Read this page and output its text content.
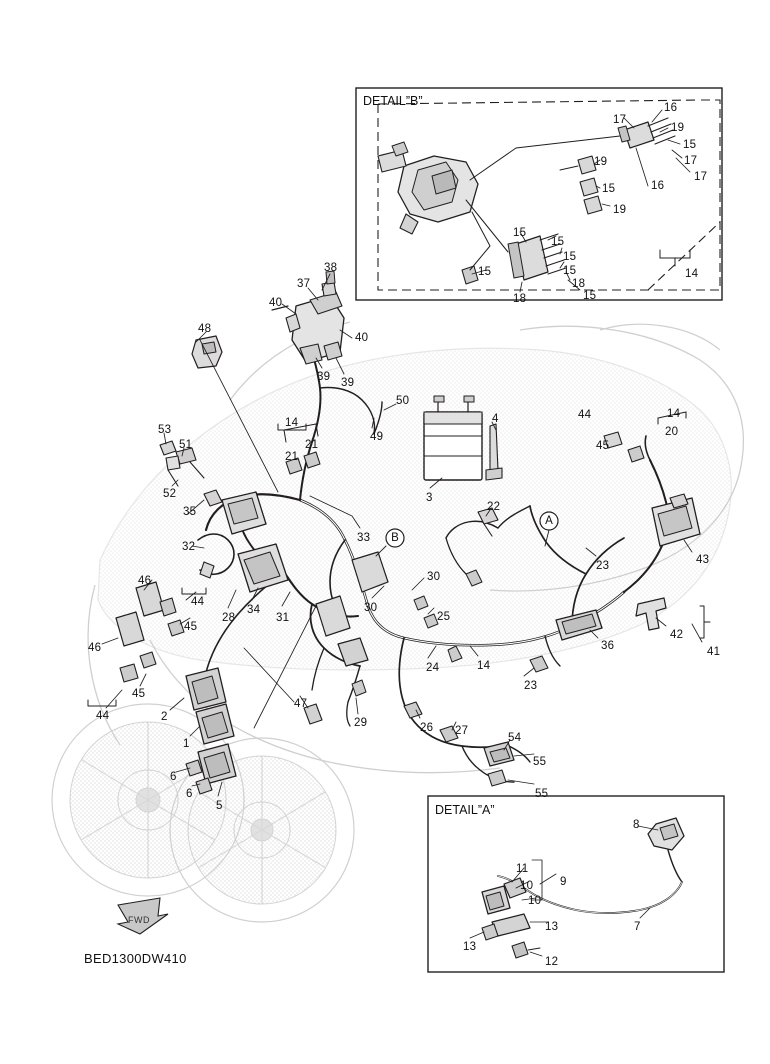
DETAIL”B”
DETAIL”A”
BED1300DW410
FWD
B
A
16
17
19
15
17
19
16
17
15
19
15
15
15
15
18
15
15
18
14
38
37
40
40
39 39
48
50
49
4
3
44	14
20
45
53
51
52
14
21
21
35
32
33
22
23	43
46
44
45
46
28
34
31
30
30
25
36
42
41
45
44	2
1
24	14
23
47
29	26 27
54
55
55
6
6
5
8
11
9
10
10
13
13
7
12
